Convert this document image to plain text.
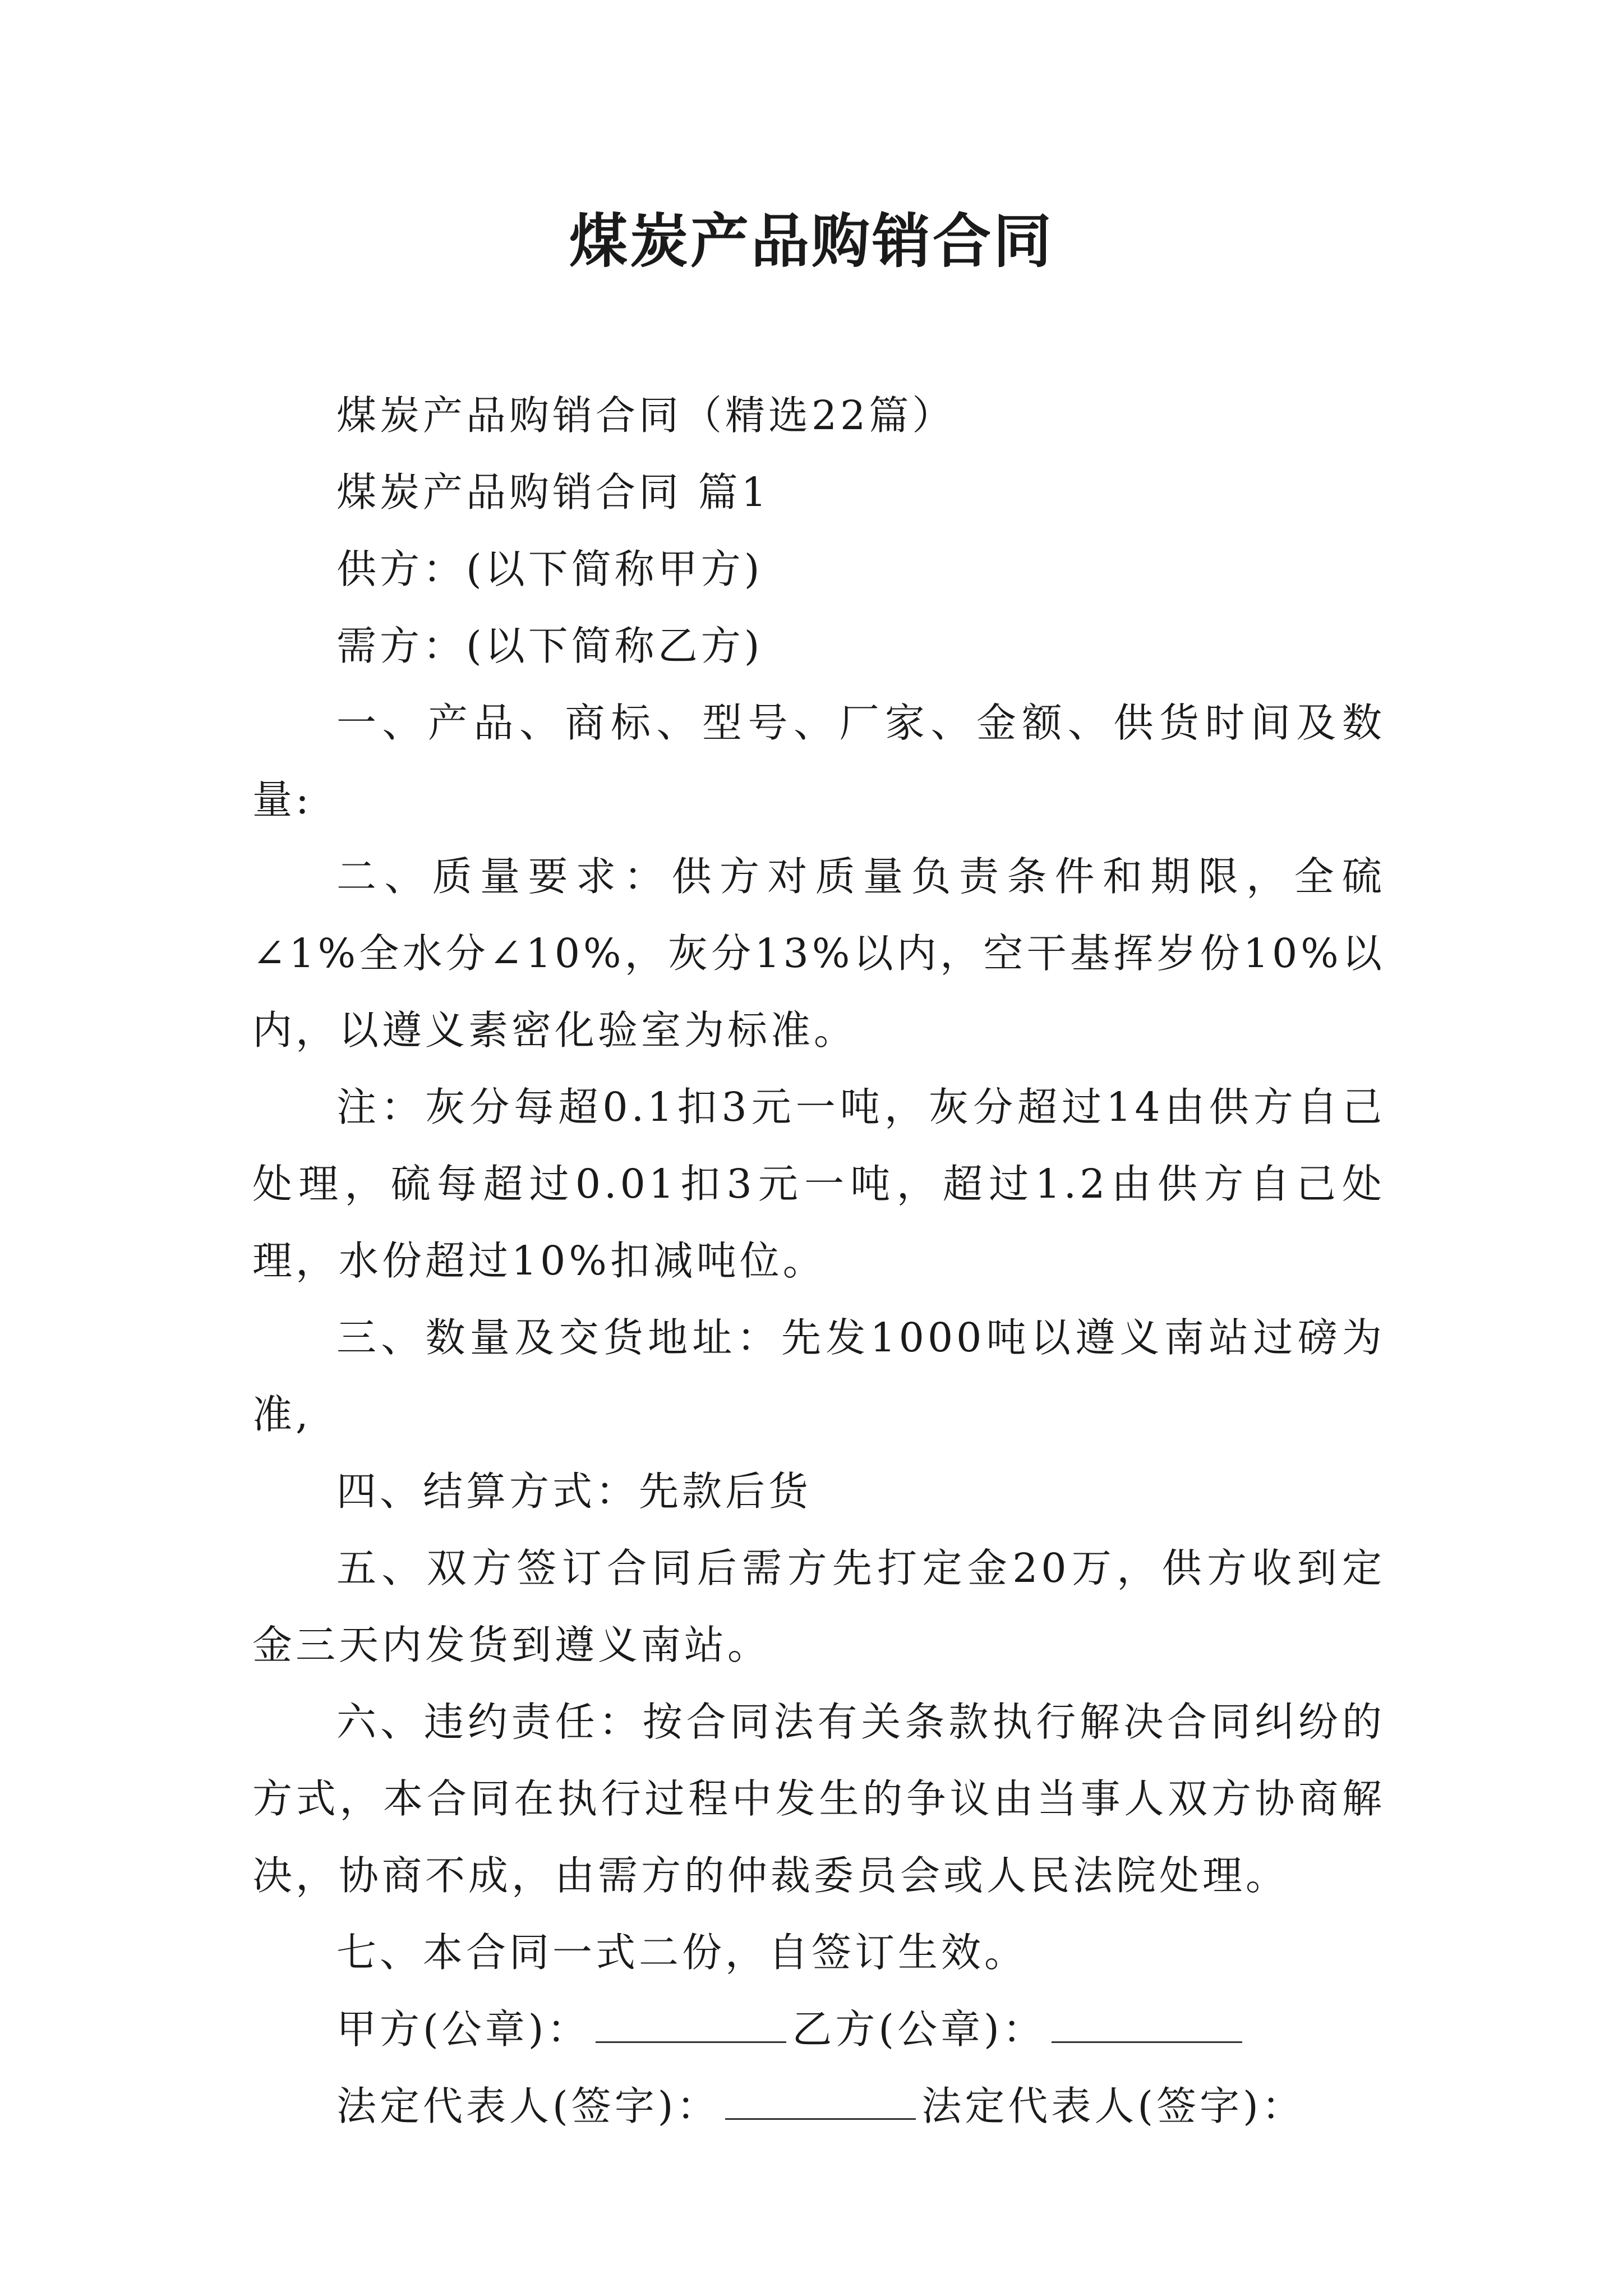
煤炭产品购销合同

煤炭产品购销合同（精选22篇）

煤炭产品购销合同 篇1

供方：(以下简称甲方)

需方：(以下简称乙方)

一、产品、商标、型号、厂家、金额、供货时间及数量:

二、质量要求：供方对质量负责条件和期限，全硫∠1%全水分∠10%，灰分13%以内，空干基挥岁份10%以内，以遵义素密化验室为标准。

注：灰分每超0.1扣3元一吨，灰分超过14由供方自己处理，硫每超过0.01扣3元一吨，超过1.2由供方自己处理，水份超过10%扣减吨位。

三、数量及交货地址：先发1000吨以遵义南站过磅为准,

四、结算方式：先款后货

五、双方签订合同后需方先打定金20万，供方收到定金三天内发货到遵义南站。

六、违约责任：按合同法有关条款执行解决合同纠纷的方式，本合同在执行过程中发生的争议由当事人双方协商解决，协商不成，由需方的仲裁委员会或人民法院处理。

七、本合同一式二份，自签订生效。

甲方(公章)：	乙方(公章)：

法定代表人(签字)：	法定代表人(签字)：
